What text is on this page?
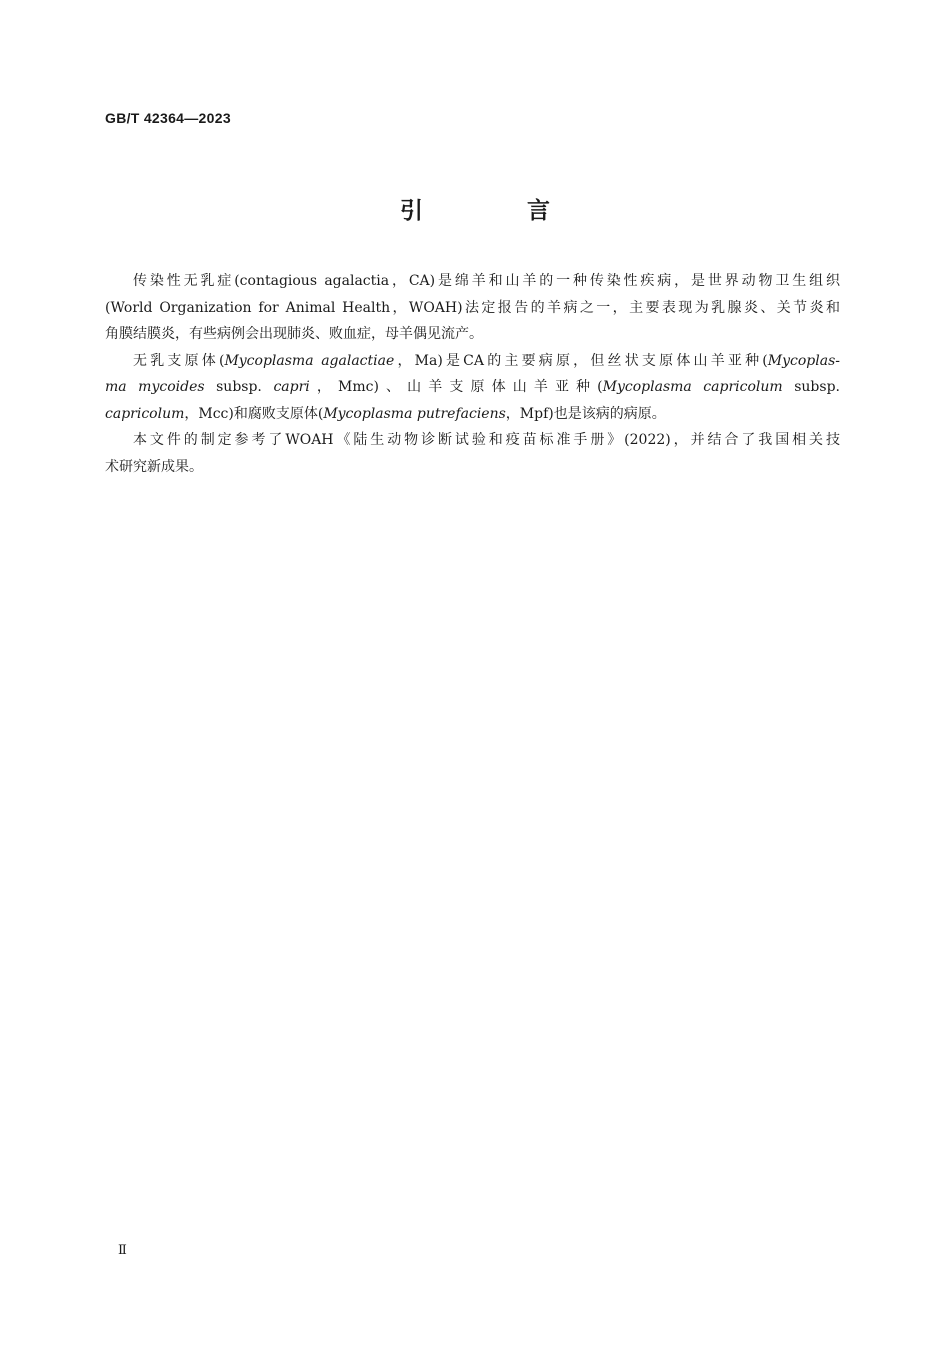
GB/T 42364—2023
引 言
传染性无乳症(contagious agalactia，CA)是绵羊和山羊的一种传染性疾病，是世界动物卫生组织
(World Organization for Animal Health，WOAH)法定报告的羊病之一，主要表现为乳腺炎、关节炎和
角膜结膜炎，有些病例会出现肺炎、败血症，母羊偶见流产。
无乳支原体(Mycoplasma agalactiae，Ma)是CA的主要病原，但丝状支原体山羊亚种(Mycoplas-
ma mycoides subsp. capri，Mmc)、山羊支原体山羊亚种(Mycoplasma capricolum subsp.
capricolum，Mcc)和腐败支原体(Mycoplasma putrefaciens，Mpf)也是该病的病原。
本文件的制定参考了WOAH《陆生动物诊断试验和疫苗标准手册》(2022)，并结合了我国相关技
术研究新成果。
Ⅱ
